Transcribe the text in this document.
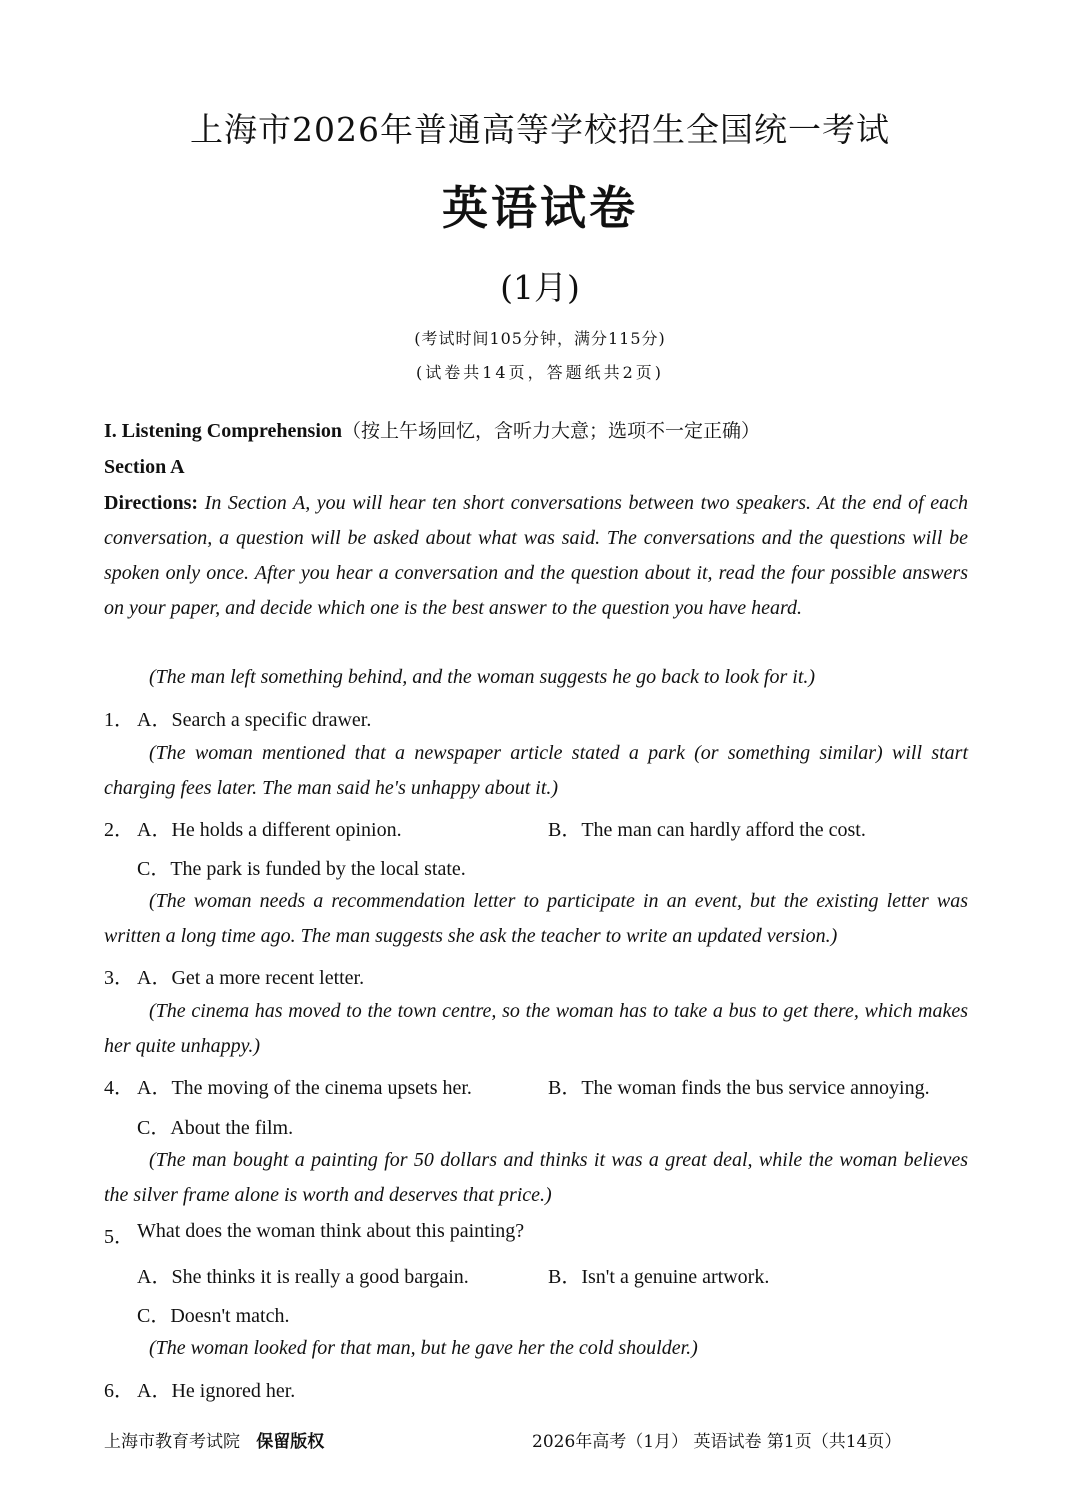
上海市2026年普通高等学校招生全国统一考试
英语试卷
(1月)
(考试时间105分钟，满分115分)
(试卷共14页，答题纸共2页)
I. Listening Comprehension（按上午场回忆，含听力大意；选项不一定正确）
Section A

Directions: In Section A, you will hear ten short conversations between two speakers. At the end of each conversation, a question will be asked about what was said. The conversations and the questions will be spoken only once. After you hear a conversation and the question about it, read the four possible answers on your paper, and decide which one is the best answer to the question you have heard.

(The man left something behind, and the woman suggests he go back to look for it.)
1． A．Search a specific drawer.

(The woman mentioned that a newspaper article stated a park (or something similar) will start charging fees later. The man said he's unhappy about it.)

2． A．He holds a different opinion.	B．The man can hardly afford the cost.
C．The park is funded by the local state.

(The woman needs a recommendation letter to participate in an event, but the existing letter was written a long time ago. The man suggests she ask the teacher to write an updated version.)

3． A．Get a more recent letter.

(The cinema has moved to the town centre, so the woman has to take a bus to get there, which makes her quite unhappy.)

4． A．The moving of the cinema upsets her.	B．The woman finds the bus service annoying.
C．About the film.

(The man bought a painting for 50 dollars and thinks it was a great deal, while the woman believes the silver frame alone is worth and deserves that price.)

5． What does the woman think about this painting?
A．She thinks it is really a good bargain.	B．Isn't a genuine artwork.
C．Doesn't match.
(The woman looked for that man, but he gave her the cold shoulder.)
6． A．He ignored her.
上海市教育考试院 保留版权	2026年高考（1月） 英语试卷 第1页（共14页）
